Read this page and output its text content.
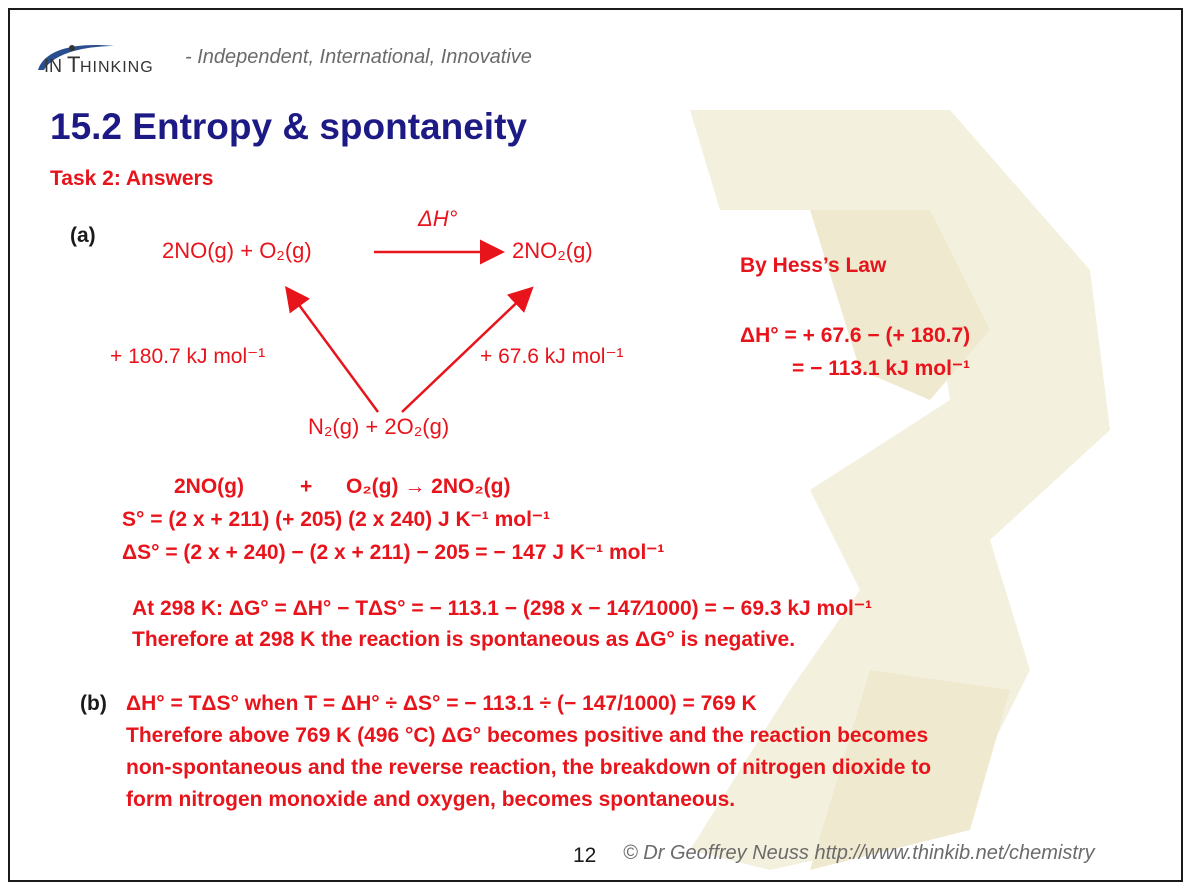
IN T HINKING - Independent, International, Innovative
15.2 Entropy & spontaneity
Task 2: Answers
(a)
2NO(g) + O₂(g)	2NO₂(g)
ΔH°
+ 180.7 kJ mol⁻¹	+ 67.6 kJ mol⁻¹
N₂(g) + 2O₂(g)
By Hess’s Law
ΔH° = + 67.6 − (+ 180.7)
= − 113.1 kJ mol⁻¹
2NO(g)	+ O₂(g) → 2NO₂(g)
S° = (2 x + 211) (+ 205) (2 x 240) J K⁻¹ mol⁻¹
ΔS° = (2 x + 240) − (2 x + 211) − 205 = − 147 J K⁻¹ mol⁻¹
At 298 K: ΔG° = ΔH° − TΔS° = − 113.1 − (298 x − 147⁄1000) = − 69.3 kJ mol⁻¹
Therefore at 298 K the reaction is spontaneous as ΔG° is negative.
(b) ΔH° = TΔS° when T = ΔH° ÷ ΔS° = − 113.1 ÷ (− 147/1000) = 769 K
Therefore above 769 K (496 °C) ΔG° becomes positive and the reaction becomes
non-spontaneous and the reverse reaction, the breakdown of nitrogen dioxide to
form nitrogen monoxide and oxygen, becomes spontaneous.
12 © Dr Geoffrey Neuss http://www.thinkib.net/chemistry
